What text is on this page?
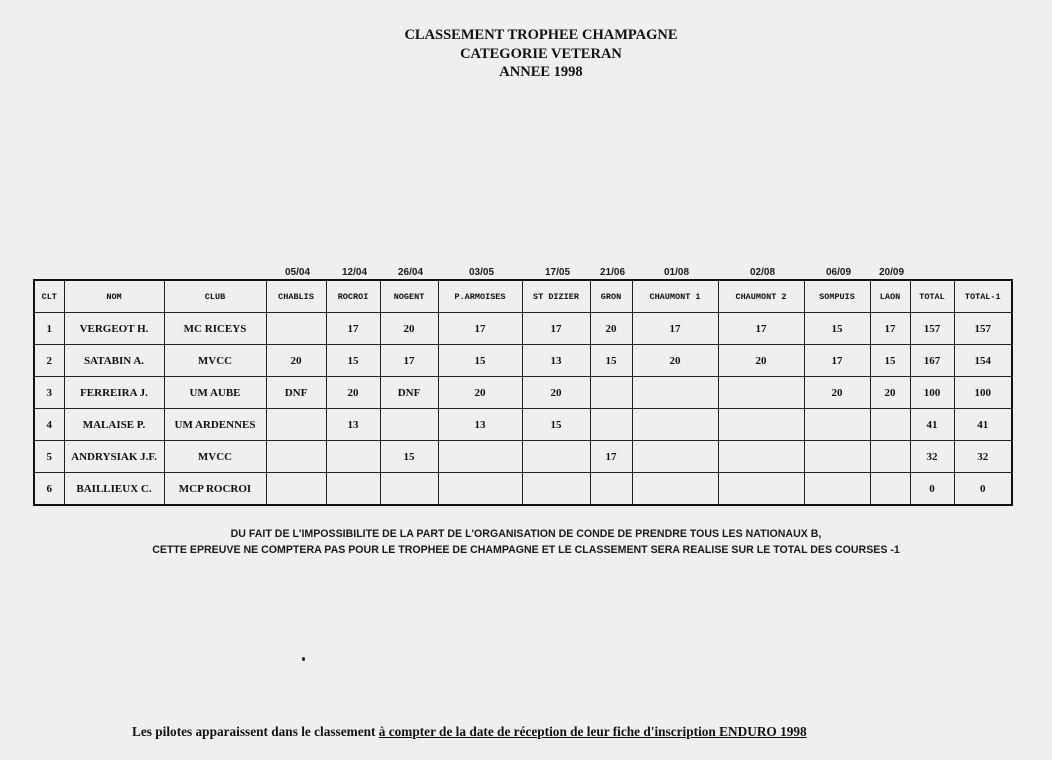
CLASSEMENT TROPHEE CHAMPAGNE
CATEGORIE VETERAN
ANNEE 1998
05/04	12/04	26/04	03/05	17/05	21/06	01/08	02/08	06/09	20/09
CLT	NOM	CLUB	CHABLIS	ROCROI	NOGENT	P.ARMOISES	ST DIZIER	GRON	CHAUMONT 1	CHAUMONT 2	SOMPUIS	LAON	TOTAL	TOTAL-1
1	VERGEOT H.	MC RICEYS		17	20	17	17	20	17	17	15	17	157	157
2	SATABIN A.	MVCC	20	15	17	15	13	15	20	20	17	15	167	154
3	FERREIRA J.	UM AUBE	DNF	20	DNF	20	20				20	20	100	100
4	MALAISE P.	UM ARDENNES		13		13	15						41	41
5	ANDRYSIAK J.F.	MVCC			15			17					32	32
6	BAILLIEUX C.	MCP ROCROI											0	0
DU FAIT DE L'IMPOSSIBILITE DE LA PART DE L'ORGANISATION DE CONDE DE PRENDRE TOUS LES NATIONAUX B,
CETTE EPREUVE NE COMPTERA PAS POUR LE TROPHEE DE CHAMPAGNE ET LE CLASSEMENT SERA REALISE SUR LE TOTAL DES COURSES -1
Les pilotes apparaissent dans le classement à compter de la date de réception de leur fiche d'inscription ENDURO 1998
